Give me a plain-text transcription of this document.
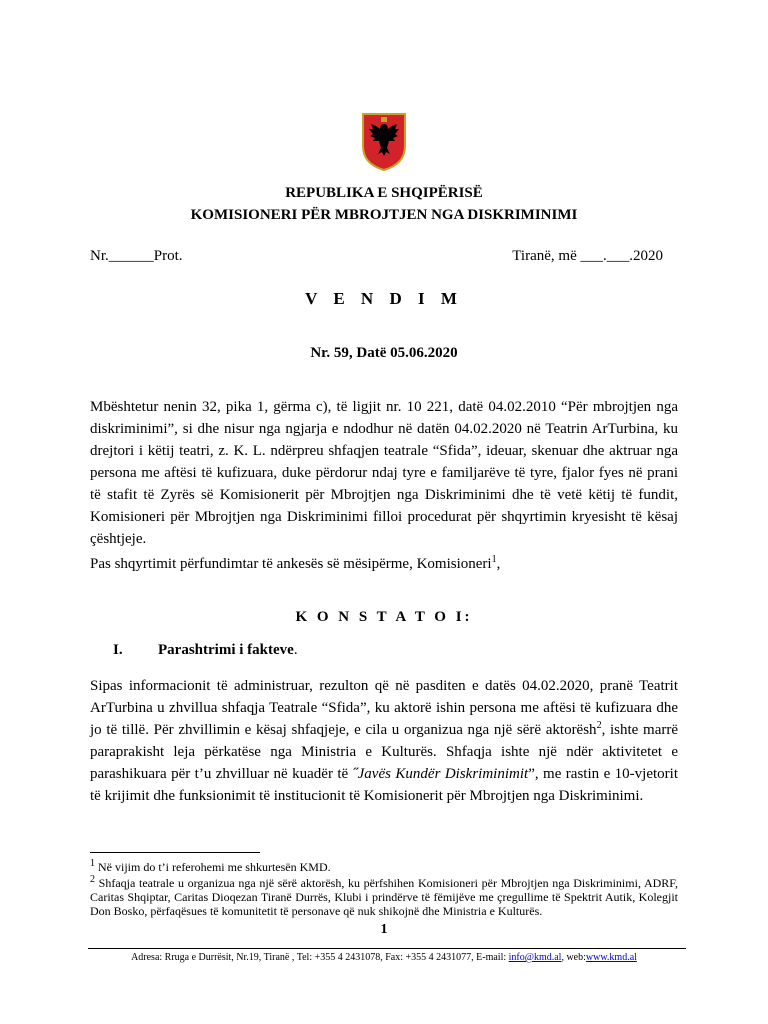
REPUBLIKA E SHQIPËRISË
KOMISIONERI PËR MBROJTJEN NGA DISKRIMINIMI
Nr.______Prot.	Tiranë, më ___.___.2020
V E N D I M
Nr. 59, Datë 05.06.2020
Mbështetur nenin 32, pika 1, gërma c), të ligjit nr. 10 221, datë 04.02.2010 “Për mbrojtjen nga diskriminimi”, si dhe nisur nga ngjarja e ndodhur në datën 04.02.2020 në Teatrin ArTurbina, ku drejtori i këtij teatri, z. K. L. ndërpreu shfaqjen teatrale “Sfida”, ideuar, skenuar dhe aktruar nga persona me aftësi të kufizuara, duke përdorur ndaj tyre e familjarëve të tyre, fjalor fyes në prani të stafit të Zyrës së Komisionerit për Mbrojtjen nga Diskriminimi dhe të vetë këtij të fundit, Komisioneri për Mbrojtjen nga Diskriminimi filloi procedurat për shqyrtimin kryesisht të kësaj çështjeje.
Pas shqyrtimit përfundimtar të ankesës së mësipërme, Komisioneri$^1$,
K O N S T A T O I:
I. Parashtrimi i fakteve.
Sipas informacionit të administruar, rezulton që në pasditen e datës 04.02.2020, pranë Teatrit ArTurbina u zhvillua shfaqja Teatrale “Sfida”, ku aktorë ishin persona me aftësi të kufizuara dhe jo të tillë. Për zhvillimin e kësaj shfaqjeje, e cila u organizua nga një sërë aktorësh$^2$, ishte marrë paraprakisht leja përkatëse nga Ministria e Kulturës. Shfaqja ishte një ndër aktivitetet e parashikuara për t’u zhvilluar në kuadër të ˝Javës Kundër Diskriminimit”, me rastin e 10-vjetorit të krijimit dhe funksionimit të institucionit të Komisionerit për Mbrojtjen nga Diskriminimi.
$^1$ Në vijim do t’i referohemi me shkurtesën KMD.
$^2$ Shfaqja teatrale u organizua nga një sërë aktorësh, ku përfshihen Komisioneri për Mbrojtjen nga Diskriminimi, ADRF, Caritas Shqiptar, Caritas Dioqezan Tiranë Durrës, Klubi i prindërve të fëmijëve me çregullime të Spektrit Autik, Kolegjit Don Bosko, përfaqësues të komunitetit të personave që nuk shikojnë dhe Ministria e Kulturës.
1
Adresa: Rruga e Durrësit, Nr.19, Tiranë , Tel: +355 4 2431078, Fax: +355 4 2431077, E-mail: info@kmd.al, web:www.kmd.al
